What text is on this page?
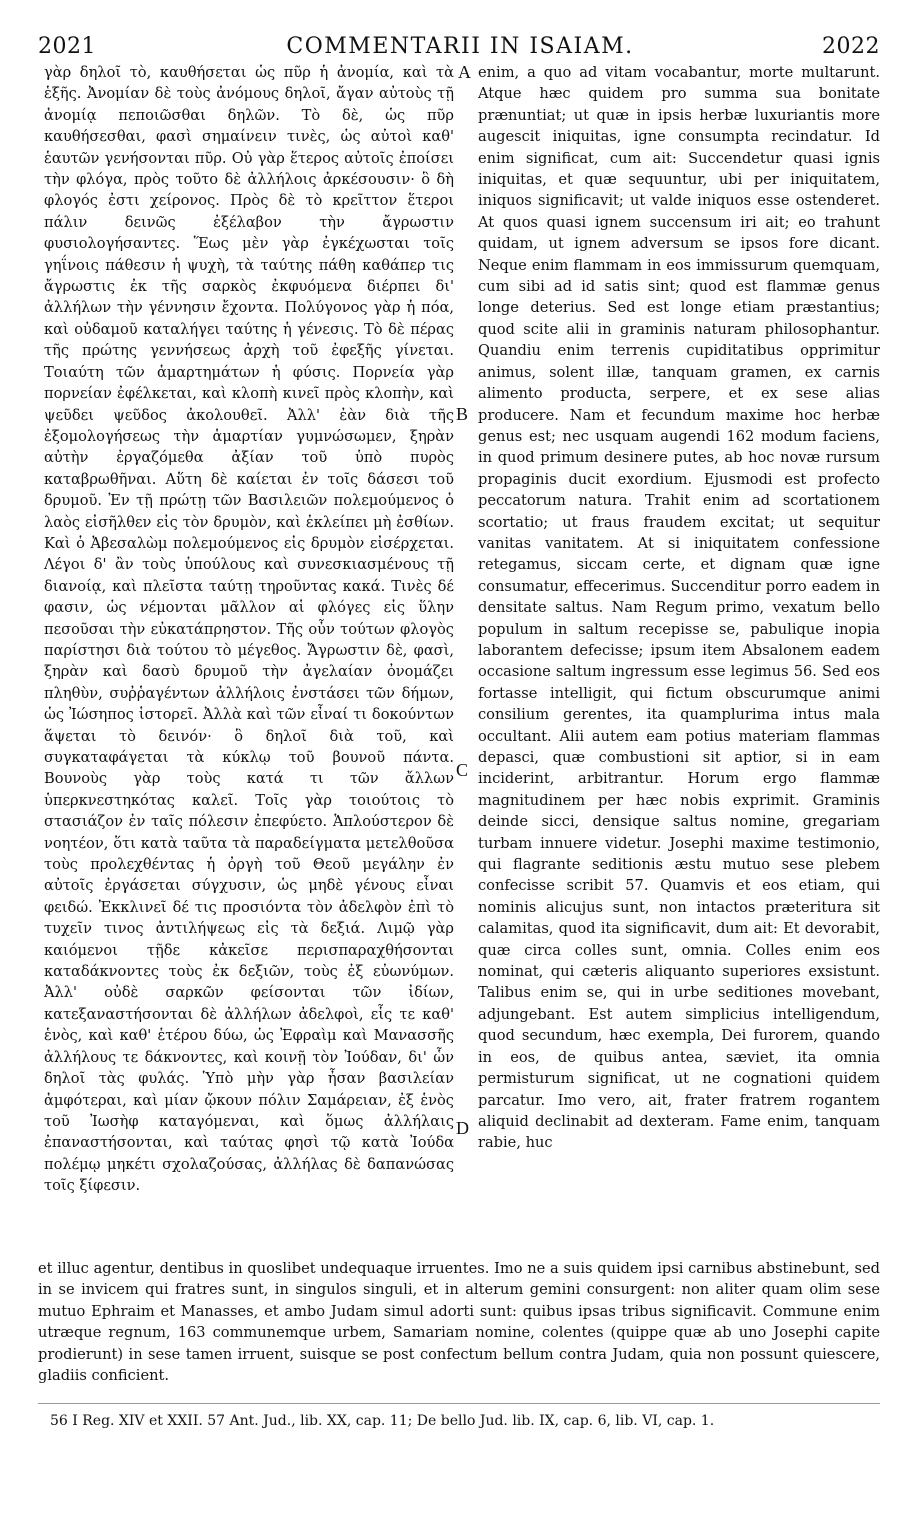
2021	COMMENTARII IN ISAIAM.	2022

γὰρ δηλοῖ τὸ, καυθήσεται ὡς πῦρ ἡ ἀνομία, καὶ τὰ ἑξῆς. Ἀνομίαν δὲ τοὺς ἀνόμους δηλοῖ, ἄγαν αὐτοὺς τῇ ἀνομίᾳ πεποιῶσθαι δηλῶν. Τὸ δὲ, ὡς πῦρ καυθήσεσθαι, φασὶ σημαίνειν τινὲς, ὡς αὐτοὶ καθ' ἑαυτῶν γενήσονται πῦρ. Οὐ γὰρ ἕτερος αὐτοῖς ἐποίσει τὴν φλόγα, πρὸς τοῦτο δὲ ἀλλήλοις ἀρκέσουσιν· ὃ δὴ φλογός ἐστι χείρονος. Πρὸς δὲ τὸ κρεῖττον ἕτεροι πάλιν δεινῶς ἐξέλαβον τὴν ἄγρωστιν φυσιολογήσαντες. Ἕως μὲν γὰρ ἐγκέχωσται τοῖς γηΐνοις πάθεσιν ἡ ψυχὴ, τὰ ταύτης πάθη καθάπερ τις ἄγρωστις ἐκ τῆς σαρκὸς ἐκφυόμενα διέρπει δι' ἀλλήλων τὴν γέννησιν ἔχοντα. Πολύγονος γὰρ ἡ πόα, καὶ οὐδαμοῦ καταλήγει ταύτης ἡ γένεσις. Τὸ δὲ πέρας τῆς πρώτης γεννήσεως ἀρχὴ τοῦ ἐφεξῆς γίνεται. Τοιαύτη τῶν ἁμαρτημάτων ἡ φύσις. Πορνεία γὰρ πορνείαν ἐφέλκεται, καὶ κλοπὴ κινεῖ πρὸς κλοπὴν, καὶ ψεῦδει ψεῦδος ἀκολουθεῖ. Ἀλλ' ἐὰν διὰ τῆς ἐξομολογήσεως τὴν ἁμαρτίαν γυμνώσωμεν, ξηρὰν αὐτὴν ἐργαζόμεθα ἀξίαν τοῦ ὑπὸ πυρὸς καταβρωθῆναι. Αὕτη δὲ καίεται ἐν τοῖς δάσεσι τοῦ δρυμοῦ. Ἐν τῇ πρώτῃ τῶν Βασιλειῶν πολεμούμενος ὁ λαὸς εἰσῆλθεν εἰς τὸν δρυμὸν, καὶ ἐκλείπει μὴ ἐσθίων. Καὶ ὁ Ἀβεσαλὼμ πολεμούμενος εἰς δρυμὸν εἰσέρχεται. Λέγοι δ' ἂν τοὺς ὑπούλους καὶ συνεσκιασμένους τῇ διανοίᾳ, καὶ πλεῖστα ταύτῃ τηροῦντας κακά. Τινὲς δέ φασιν, ὡς νέμονται μᾶλλον αἱ φλόγες εἰς ὕλην πεσοῦσαι τὴν εὐκατάπρηστον. Τῆς οὖν τούτων φλογὸς παρίστησι διὰ τούτου τὸ μέγεθος. Ἄγρωστιν δὲ, φασὶ, ξηρὰν καὶ δασὺ δρυμοῦ τὴν ἀγελαίαν ὀνομάζει πληθὺν, συῤῥαγέντων ἀλλήλοις ἐνστάσει τῶν δήμων, ὡς Ἰώσηπος ἱστορεῖ. Ἀλλὰ καὶ τῶν εἶναί τι δοκούντων ἅψεται τὸ δεινόν· ὃ δηλοῖ διὰ τοῦ, καὶ συγκαταφάγεται τὰ κύκλῳ τοῦ βουνοῦ πάντα. Βουνοὺς γὰρ τοὺς κατά τι τῶν ἄλλων ὑπερκνεστηκότας καλεῖ. Τοῖς γὰρ τοιούτοις τὸ στασιάζον ἐν ταῖς πόλεσιν ἐπεφύετο. Ἁπλούστερον δὲ νοητέον, ὅτι κατὰ ταῦτα τὰ παραδείγματα μετελθοῦσα τοὺς προλεχθέντας ἡ ὀργὴ τοῦ Θεοῦ μεγάλην ἐν αὐτοῖς ἐργάσεται σύγχυσιν, ὡς μηδὲ γένους εἶναι φειδώ. Ἐκκλινεῖ δέ τις προσιόντα τὸν ἀδελφὸν ἐπὶ τὸ τυχεῖν τινος ἀντιλήψεως εἰς τὰ δεξιά. Λιμῷ γὰρ καιόμενοι τῇδε κἀκεῖσε περισπαραχθήσονται καταδάκνοντες τοὺς ἐκ δεξιῶν, τοὺς ἐξ εὐωνύμων. Ἀλλ' οὐδὲ σαρκῶν φείσονται τῶν ἰδίων, κατεξαναστήσονται δὲ ἀλλήλων ἀδελφοὶ, εἷς τε καθ' ἑνὸς, καὶ καθ' ἑτέρου δύω, ὡς Ἐφραὶμ καὶ Μανασσῆς ἀλλήλους τε δάκνοντες, καὶ κοινῇ τὸν Ἰούδαν, δι' ὧν δηλοῖ τὰς φυλάς. Ὑπὸ μὴν γὰρ ἦσαν βασιλείαν ἀμφότεραι, καὶ μίαν ᾤκουν πόλιν Σαμάρειαν, ἐξ ἑνὸς τοῦ Ἰωσὴφ καταγόμεναι, καὶ ὅμως ἀλλήλαις ἐπαναστήσονται, καὶ ταύτας φησὶ τῷ κατὰ Ἰούδα πολέμῳ μηκέτι σχολαζούσας, ἀλλήλας δὲ δαπανώσας τοῖς ξίφεσιν.

enim, a quo ad vitam vocabantur, morte multarunt. Atque hæc quidem pro summa sua bonitate prænuntiat; ut quæ in ipsis herbæ luxuriantis more augescit iniquitas, igne consumpta recindatur. Id enim significat, cum ait: Succendetur quasi ignis iniquitas, et quæ sequuntur, ubi per iniquitatem, iniquos significavit; ut valde iniquos esse ostenderet. At quos quasi ignem succensum iri ait; eo trahunt quidam, ut ignem adversum se ipsos fore dicant. Neque enim flammam in eos immissurum quemquam, cum sibi ad id satis sint; quod est flammæ genus longe deterius. Sed est longe etiam præstantius; quod scite alii in graminis naturam philosophantur. Quandiu enim terrenis cupiditatibus opprimitur animus, solent illæ, tanquam gramen, ex carnis alimento producta, serpere, et ex sese alias producere. Nam et fecundum maxime hoc herbæ genus est; nec usquam augendi 162 modum faciens, in quod primum desinere putes, ab hoc novæ rursum propaginis ducit exordium. Ejusmodi est profecto peccatorum natura. Trahit enim ad scortationem scortatio; ut fraus fraudem excitat; ut sequitur vanitas vanitatem. At si iniquitatem confessione retegamus, siccam certe, et dignam quæ igne consumatur, effecerimus. Succenditur porro eadem in densitate saltus. Nam Regum primo, vexatum bello populum in saltum recepisse se, pabulique inopia laborantem defecisse; ipsum item Absalonem eadem occasione saltum ingressum esse legimus 56. Sed eos fortasse intelligit, qui fictum obscurumque animi consilium gerentes, ita quamplurima intus mala occultant. Alii autem eam potius materiam flammas depasci, quæ combustioni sit aptior, si in eam inciderint, arbitrantur. Horum ergo flammæ magnitudinem per hæc nobis exprimit. Graminis deinde sicci, densique saltus nomine, gregariam turbam innuere videtur. Josephi maxime testimonio, qui flagrante seditionis æstu mutuo sese plebem confecisse scribit 57. Quamvis et eos etiam, qui nominis alicujus sunt, non intactos præteritura sit calamitas, quod ita significavit, dum ait: Et devorabit, quæ circa colles sunt, omnia. Colles enim eos nominat, qui cæteris aliquanto superiores exsistunt. Talibus enim se, qui in urbe seditiones movebant, adjungebant. Est autem simplicius intelligendum, quod secundum, hæc exempla, Dei furorem, quando in eos, de quibus antea, sæviet, ita omnia permisturum significat, ut ne cognationi quidem parcatur. Imo vero, ait, frater fratrem rogantem aliquid declinabit ad dexteram. Fame enim, tanquam rabie, huc

A
B
C
D

et illuc agentur, dentibus in quoslibet undequaque irruentes. Imo ne a suis quidem ipsi carnibus abstinebunt, sed in se invicem qui fratres sunt, in singulos singuli, et in alterum gemini consurgent: non aliter quam olim sese mutuo Ephraim et Manasses, et ambo Judam simul adorti sunt: quibus ipsas tribus significavit. Commune enim utræque regnum, 163 communemque urbem, Samariam nomine, colentes (quippe quæ ab uno Josephi capite prodierunt) in sese tamen irruent, suisque se post confectum bellum contra Judam, quia non possunt quiescere, gladiis conficient.

56 I Reg. XIV et XXII. 57 Ant. Jud., lib. XX, cap. 11; De bello Jud. lib. IX, cap. 6, lib. VI, cap. 1.
